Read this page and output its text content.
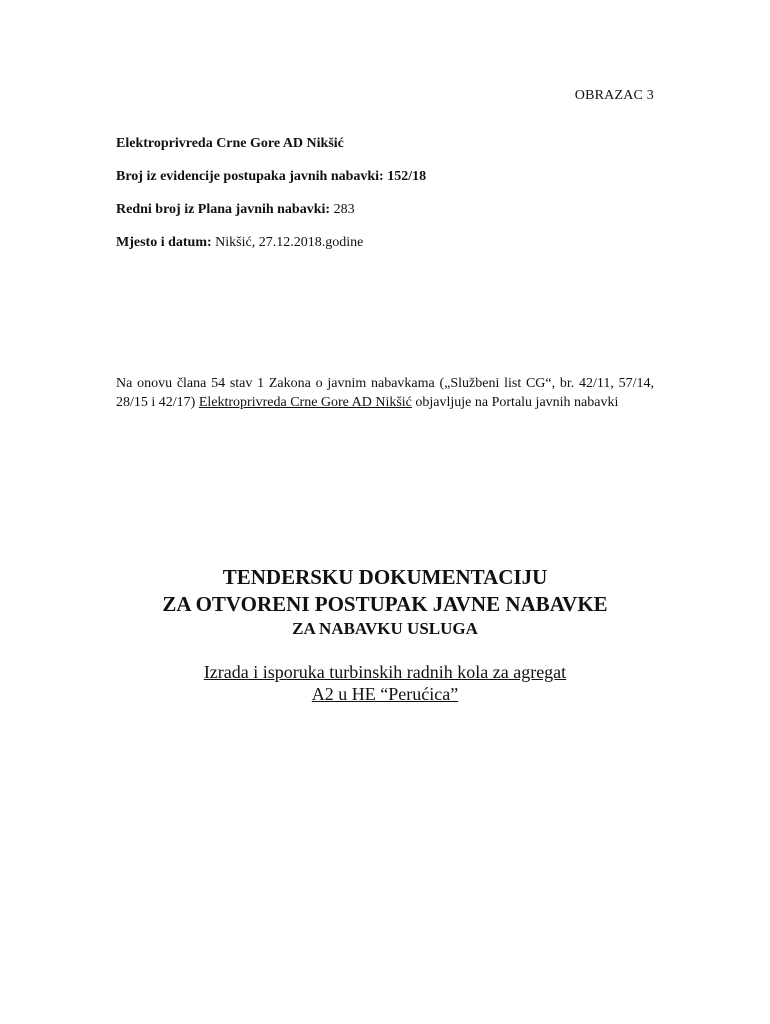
OBRAZAC 3
Elektroprivreda Crne Gore AD Nikšić
Broj iz evidencije postupaka javnih nabavki: 152/18
Redni broj iz Plana javnih nabavki: 283
Mjesto i datum: Nikšić, 27.12.2018.godine
Na onovu člana 54 stav 1 Zakona o javnim nabavkama („Službeni list CG“, br. 42/11, 57/14, 28/15 i 42/17) Elektroprivreda Crne Gore AD Nikšić objavljuje na Portalu javnih nabavki
TENDERSKU DOKUMENTACIJU
ZA OTVORENI POSTUPAK JAVNE NABAVKE
ZA NABAVKU USLUGA
Izrada i isporuka turbinskih radnih kola za agregat
A2 u HE “Perućica”
